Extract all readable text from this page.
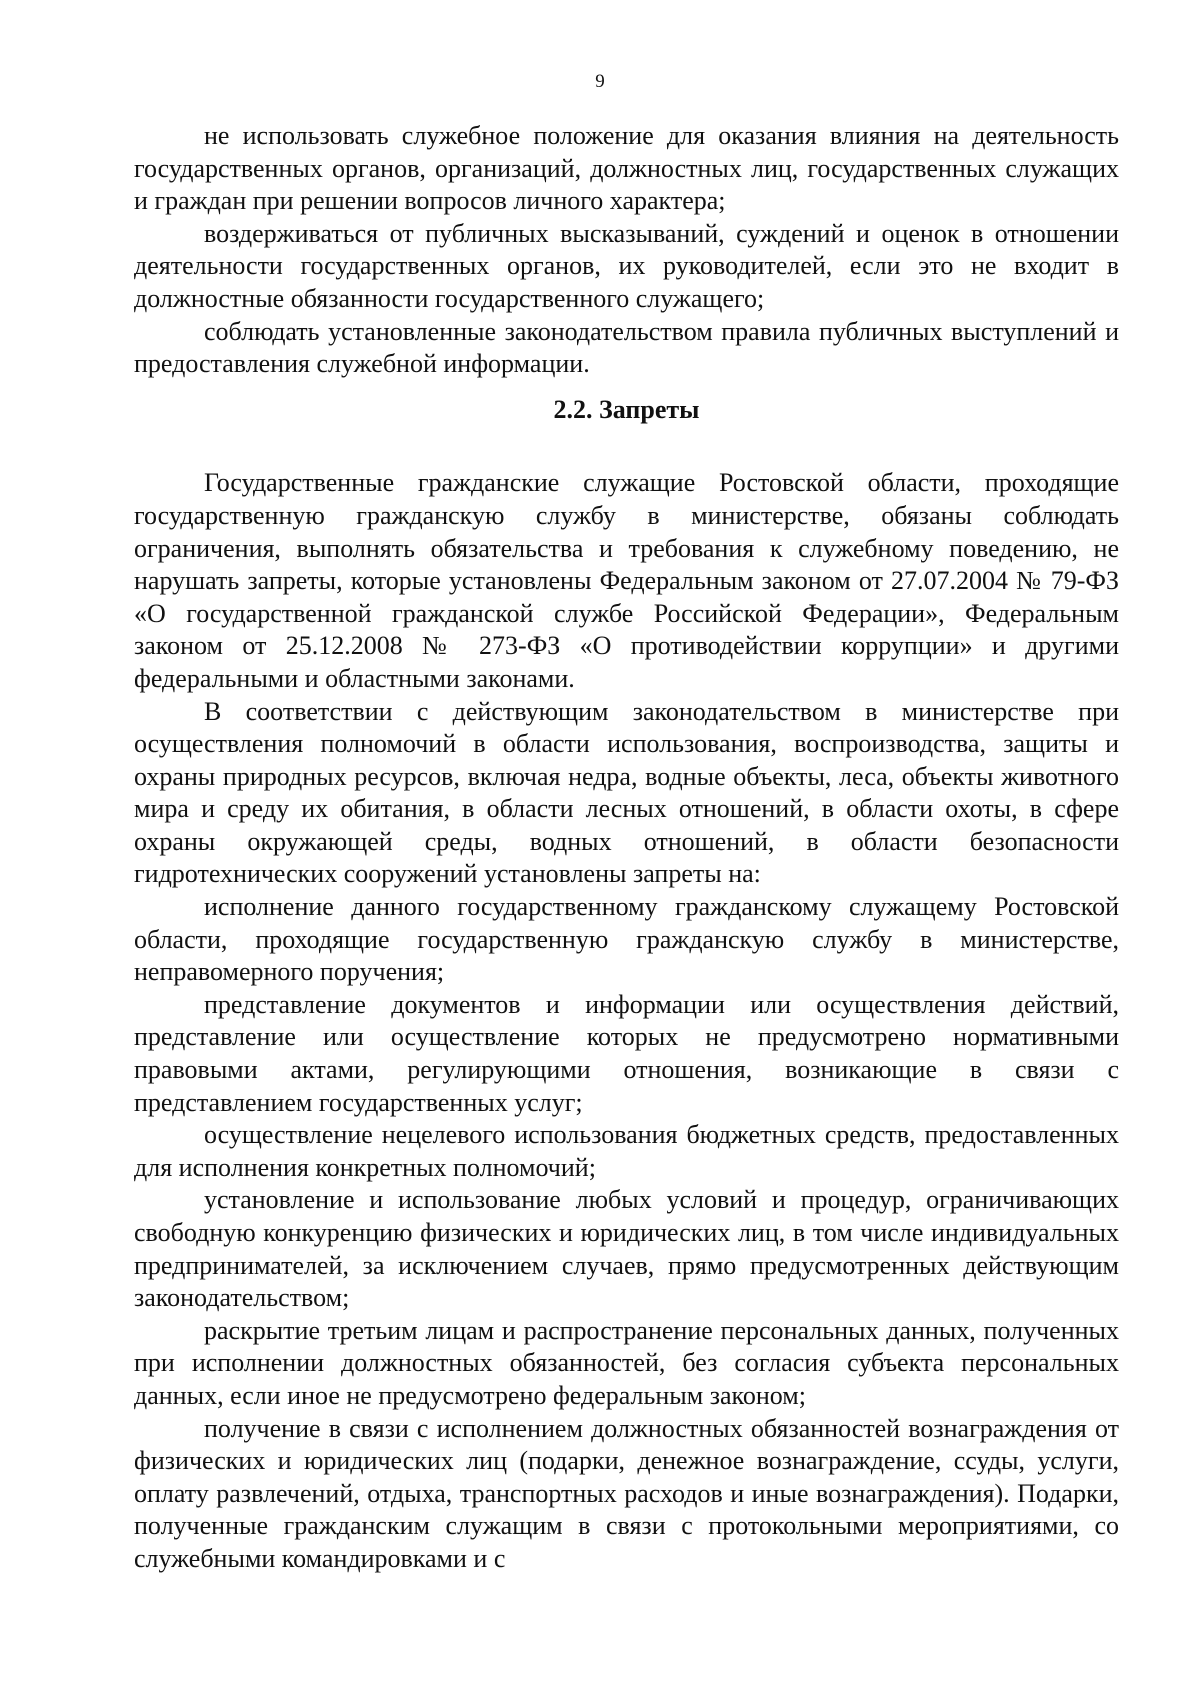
9

не использовать служебное положение для оказания влияния на деятельность государственных органов, организаций, должностных лиц, государственных служащих и граждан при решении вопросов личного характера;

воздерживаться от публичных высказываний, суждений и оценок в отношении деятельности государственных органов, их руководителей, если это не входит в должностные обязанности государственного служащего;

соблюдать установленные законодательством правила публичных выступлений и предоставления служебной информации.

2.2. Запреты

Государственные гражданские служащие Ростовской области, проходящие государственную гражданскую службу в министерстве, обязаны соблюдать ограничения, выполнять обязательства и требования к служебному поведению, не нарушать запреты, которые установлены Федеральным законом от 27.07.2004 № 79-ФЗ «О государственной гражданской службе Российской Федерации», Федеральным законом от 25.12.2008 № 273-ФЗ «О противодействии коррупции» и другими федеральными и областными законами.

В соответствии с действующим законодательством в министерстве при осуществления полномочий в области использования, воспроизводства, защиты и охраны природных ресурсов, включая недра, водные объекты, леса, объекты животного мира и среду их обитания, в области лесных отношений, в области охоты, в сфере охраны окружающей среды, водных отношений, в области безопасности гидротехнических сооружений установлены запреты на:

исполнение данного государственному гражданскому служащему Ростовской области, проходящие государственную гражданскую службу в министерстве, неправомерного поручения;

представление документов и информации или осуществления действий, представление или осуществление которых не предусмотрено нормативными правовыми актами, регулирующими отношения, возникающие в связи с представлением государственных услуг;

осуществление нецелевого использования бюджетных средств, предоставленных для исполнения конкретных полномочий;

установление и использование любых условий и процедур, ограничивающих свободную конкуренцию физических и юридических лиц, в том числе индивидуальных предпринимателей, за исключением случаев, прямо предусмотренных действующим законодательством;

раскрытие третьим лицам и распространение персональных данных, полученных при исполнении должностных обязанностей, без согласия субъекта персональных данных, если иное не предусмотрено федеральным законом;

получение в связи с исполнением должностных обязанностей вознаграждения от физических и юридических лиц (подарки, денежное вознаграждение, ссуды, услуги, оплату развлечений, отдыха, транспортных расходов и иные вознаграждения). Подарки, полученные гражданским служащим в связи с протокольными мероприятиями, со служебными командировками и с
